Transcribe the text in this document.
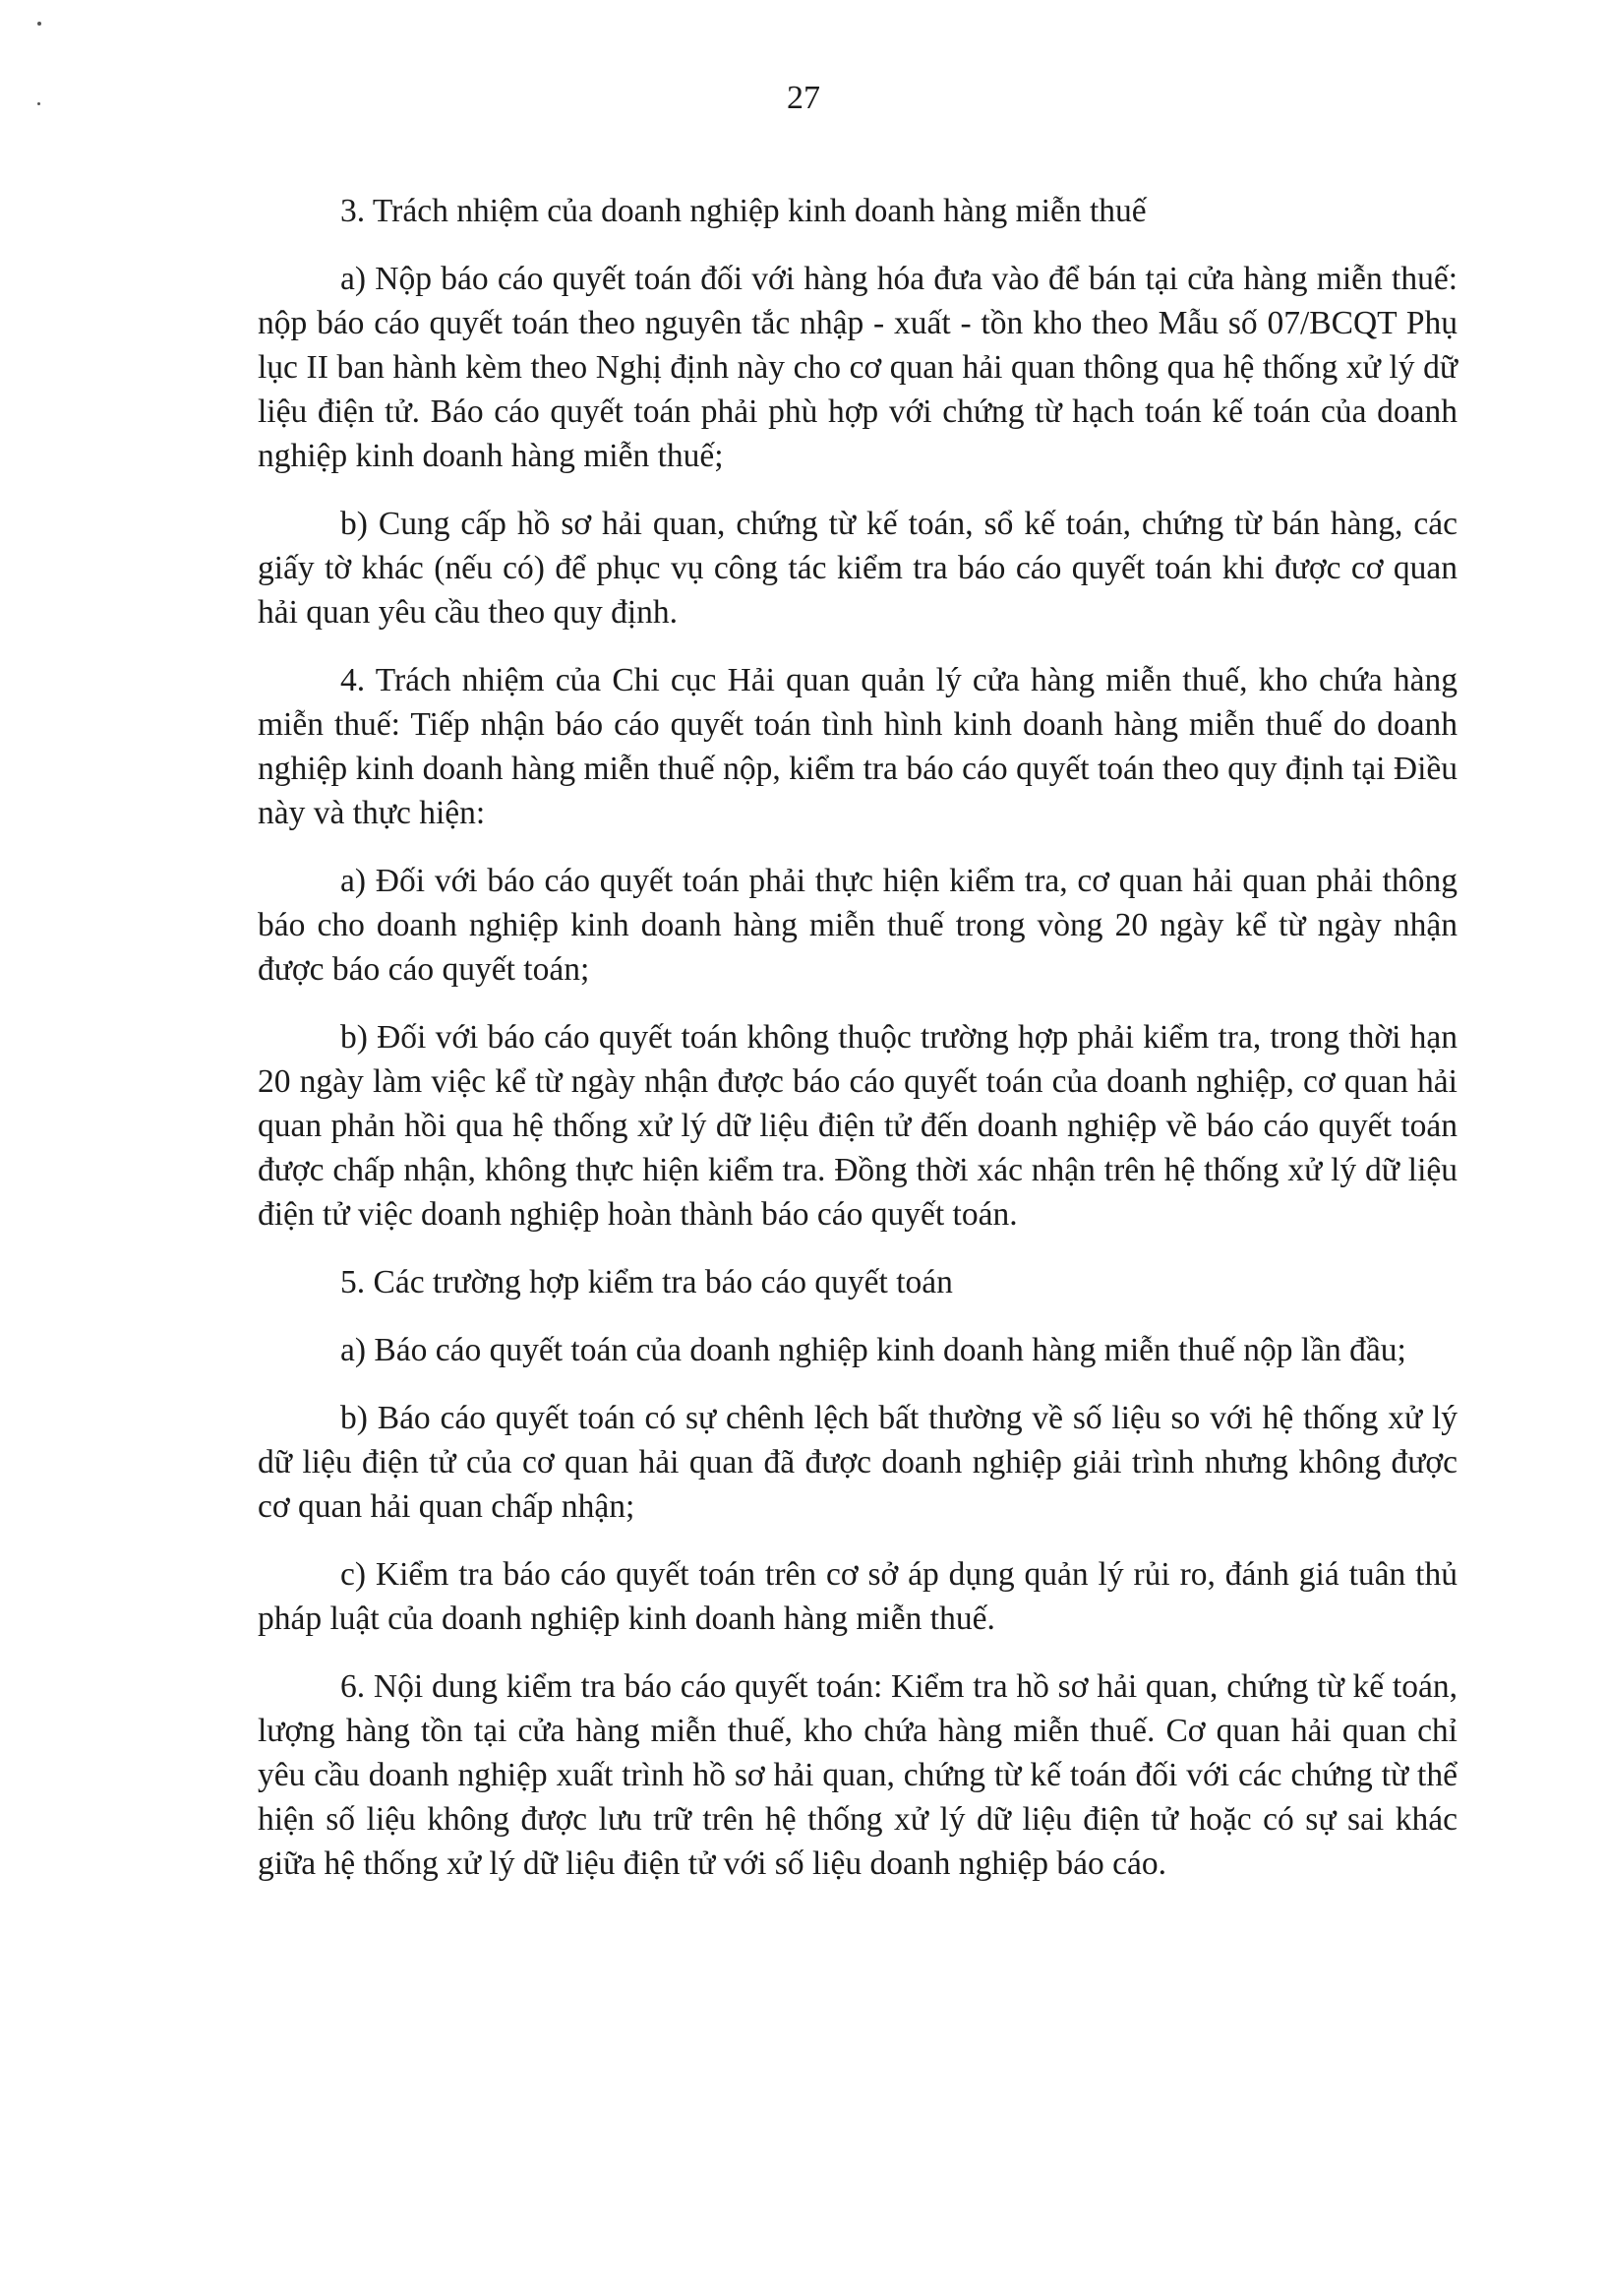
27

3. Trách nhiệm của doanh nghiệp kinh doanh hàng miễn thuế

a) Nộp báo cáo quyết toán đối với hàng hóa đưa vào để bán tại cửa hàng miễn thuế: nộp báo cáo quyết toán theo nguyên tắc nhập - xuất - tồn kho theo Mẫu số 07/BCQT Phụ lục II ban hành kèm theo Nghị định này cho cơ quan hải quan thông qua hệ thống xử lý dữ liệu điện tử. Báo cáo quyết toán phải phù hợp với chứng từ hạch toán kế toán của doanh nghiệp kinh doanh hàng miễn thuế;

b) Cung cấp hồ sơ hải quan, chứng từ kế toán, sổ kế toán, chứng từ bán hàng, các giấy tờ khác (nếu có) để phục vụ công tác kiểm tra báo cáo quyết toán khi được cơ quan hải quan yêu cầu theo quy định.

4. Trách nhiệm của Chi cục Hải quan quản lý cửa hàng miễn thuế, kho chứa hàng miễn thuế: Tiếp nhận báo cáo quyết toán tình hình kinh doanh hàng miễn thuế do doanh nghiệp kinh doanh hàng miễn thuế nộp, kiểm tra báo cáo quyết toán theo quy định tại Điều này và thực hiện:

a) Đối với báo cáo quyết toán phải thực hiện kiểm tra, cơ quan hải quan phải thông báo cho doanh nghiệp kinh doanh hàng miễn thuế trong vòng 20 ngày kể từ ngày nhận được báo cáo quyết toán;

b) Đối với báo cáo quyết toán không thuộc trường hợp phải kiểm tra, trong thời hạn 20 ngày làm việc kể từ ngày nhận được báo cáo quyết toán của doanh nghiệp, cơ quan hải quan phản hồi qua hệ thống xử lý dữ liệu điện tử đến doanh nghiệp về báo cáo quyết toán được chấp nhận, không thực hiện kiểm tra. Đồng thời xác nhận trên hệ thống xử lý dữ liệu điện tử việc doanh nghiệp hoàn thành báo cáo quyết toán.

5. Các trường hợp kiểm tra báo cáo quyết toán

a) Báo cáo quyết toán của doanh nghiệp kinh doanh hàng miễn thuế nộp lần đầu;

b) Báo cáo quyết toán có sự chênh lệch bất thường về số liệu so với hệ thống xử lý dữ liệu điện tử của cơ quan hải quan đã được doanh nghiệp giải trình nhưng không được cơ quan hải quan chấp nhận;

c) Kiểm tra báo cáo quyết toán trên cơ sở áp dụng quản lý rủi ro, đánh giá tuân thủ pháp luật của doanh nghiệp kinh doanh hàng miễn thuế.

6. Nội dung kiểm tra báo cáo quyết toán: Kiểm tra hồ sơ hải quan, chứng từ kế toán, lượng hàng tồn tại cửa hàng miễn thuế, kho chứa hàng miễn thuế. Cơ quan hải quan chỉ yêu cầu doanh nghiệp xuất trình hồ sơ hải quan, chứng từ kế toán đối với các chứng từ thể hiện số liệu không được lưu trữ trên hệ thống xử lý dữ liệu điện tử hoặc có sự sai khác giữa hệ thống xử lý dữ liệu điện tử với số liệu doanh nghiệp báo cáo.
